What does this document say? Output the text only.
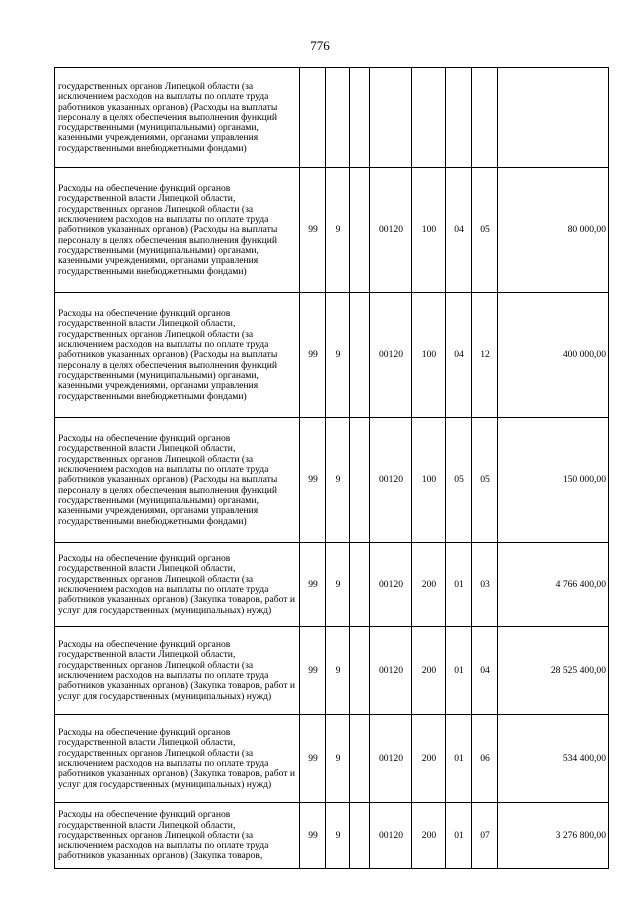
776
государственных органов Липецкой области (за исключением расходов на выплаты по оплате труда работников указанных органов) (Расходы на выплаты персоналу в целях обеспечения выполнения функций государственными (муниципальными) органами, казенными учреждениями, органами управления государственными внебюджетными фондами)								
Расходы на обеспечение функций органов государственной власти Липецкой области, государственных органов Липецкой области (за исключением расходов на выплаты по оплате труда работников указанных органов) (Расходы на выплаты персоналу в целях обеспечения выполнения функций государственными (муниципальными) органами, казенными учреждениями, органами управления государственными внебюджетными фондами)	99	9		00120	100	04	05	80 000,00
Расходы на обеспечение функций органов государственной власти Липецкой области, государственных органов Липецкой области (за исключением расходов на выплаты по оплате труда работников указанных органов) (Расходы на выплаты персоналу в целях обеспечения выполнения функций государственными (муниципальными) органами, казенными учреждениями, органами управления государственными внебюджетными фондами)	99	9		00120	100	04	12	400 000,00
Расходы на обеспечение функций органов государственной власти Липецкой области, государственных органов Липецкой области (за исключением расходов на выплаты по оплате труда работников указанных органов) (Расходы на выплаты персоналу в целях обеспечения выполнения функций государственными (муниципальными) органами, казенными учреждениями, органами управления государственными внебюджетными фондами)	99	9		00120	100	05	05	150 000,00
Расходы на обеспечение функций органов государственной власти Липецкой области, государственных органов Липецкой области (за исключением расходов на выплаты по оплате труда работников указанных органов) (Закупка товаров, работ и услуг для государственных (муниципальных) нужд)	99	9		00120	200	01	03	4 766 400,00
Расходы на обеспечение функций органов государственной власти Липецкой области, государственных органов Липецкой области (за исключением расходов на выплаты по оплате труда работников указанных органов) (Закупка товаров, работ и услуг для государственных (муниципальных) нужд)	99	9		00120	200	01	04	28 525 400,00
Расходы на обеспечение функций органов государственной власти Липецкой области, государственных органов Липецкой области (за исключением расходов на выплаты по оплате труда работников указанных органов) (Закупка товаров, работ и услуг для государственных (муниципальных) нужд)	99	9		00120	200	01	06	534 400,00
Расходы на обеспечение функций органов государственной власти Липецкой области, государственных органов Липецкой области (за исключением расходов на выплаты по оплате труда работников указанных органов) (Закупка товаров,	99	9		00120	200	01	07	3 276 800,00
